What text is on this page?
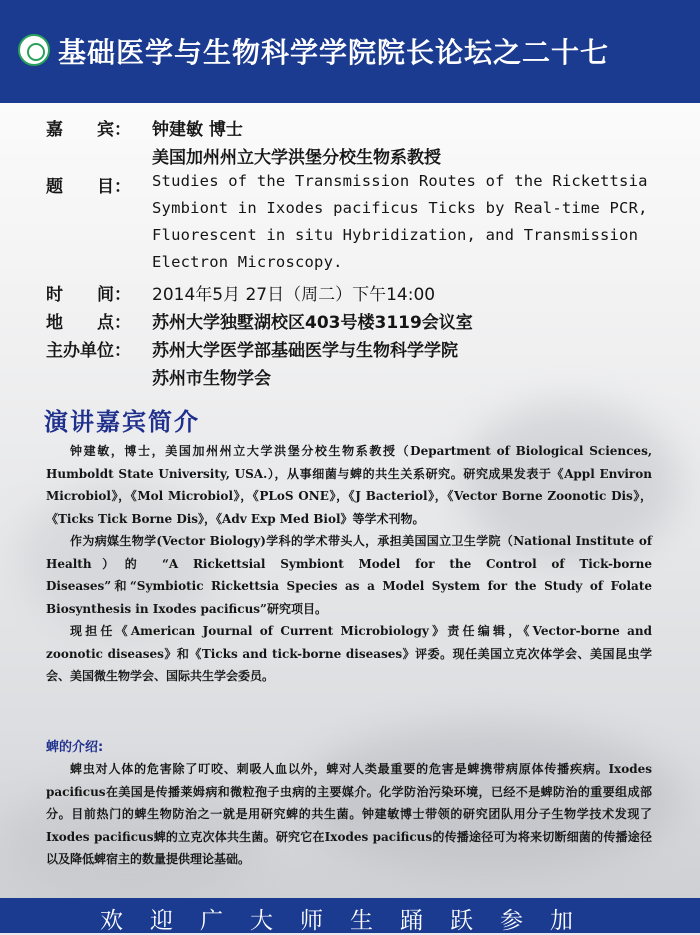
基础医学与生物科学学院院长论坛之二十七
嘉　　宾： 钟建敏 博士
美国加州州立大学洪堡分校生物系教授
题　　目： Studies of the Transmission Routes of the Rickettsia
Symbiont in Ixodes pacificus Ticks by Real-time PCR,
Fluorescent in situ Hybridization, and Transmission
Electron Microscopy.
时　　间： 2014年5月 27日（周二）下午14:00
地　　点： 苏州大学独墅湖校区403号楼3119会议室
主办单位： 苏州大学医学部基础医学与生物科学学院
苏州市生物学会
演讲嘉宾简介

钟建敏，博士，美国加州州立大学洪堡分校生物系教授（Department of Biological Sciences, Humboldt State University, USA.），从事细菌与蜱的共生关系研究。研究成果发表于《Appl Environ Microbiol》，《Mol Microbiol》，《PLoS ONE》，《J Bacteriol》，《Vector Borne Zoonotic Dis》，《Ticks Tick Borne Dis》，《Adv Exp Med Biol》等学术刊物。

作为病媒生物学(Vector Biology)学科的学术带头人，承担美国国立卫生学院（National Institute of Health）的 “A Rickettsial Symbiont Model for the Control of Tick-borne Diseases”和“Symbiotic Rickettsia Species as a Model System for the Study of Folate Biosynthesis in Ixodes pacificus”研究项目。

现担任《American Journal of Current Microbiology》责任编辑，《Vector-borne and zoonotic diseases》和《Ticks and tick-borne diseases》评委。现任美国立克次体学会、美国昆虫学会、美国微生物学会、国际共生学会委员。

蜱的介绍:

蜱虫对人体的危害除了叮咬、刺吸人血以外，蜱对人类最重要的危害是蜱携带病原体传播疾病。Ixodes pacificus在美国是传播莱姆病和微粒孢子虫病的主要媒介。化学防治污染环境，已经不是蜱防治的重要组成部分。目前热门的蜱生物防治之一就是用研究蜱的共生菌。钟建敏博士带领的研究团队用分子生物学技术发现了Ixodes pacificus蜱的立克次体共生菌。研究它在Ixodes pacificus的传播途径可为将来切断细菌的传播途径以及降低蜱宿主的数量提供理论基础。

欢迎广大师生踊跃参加
